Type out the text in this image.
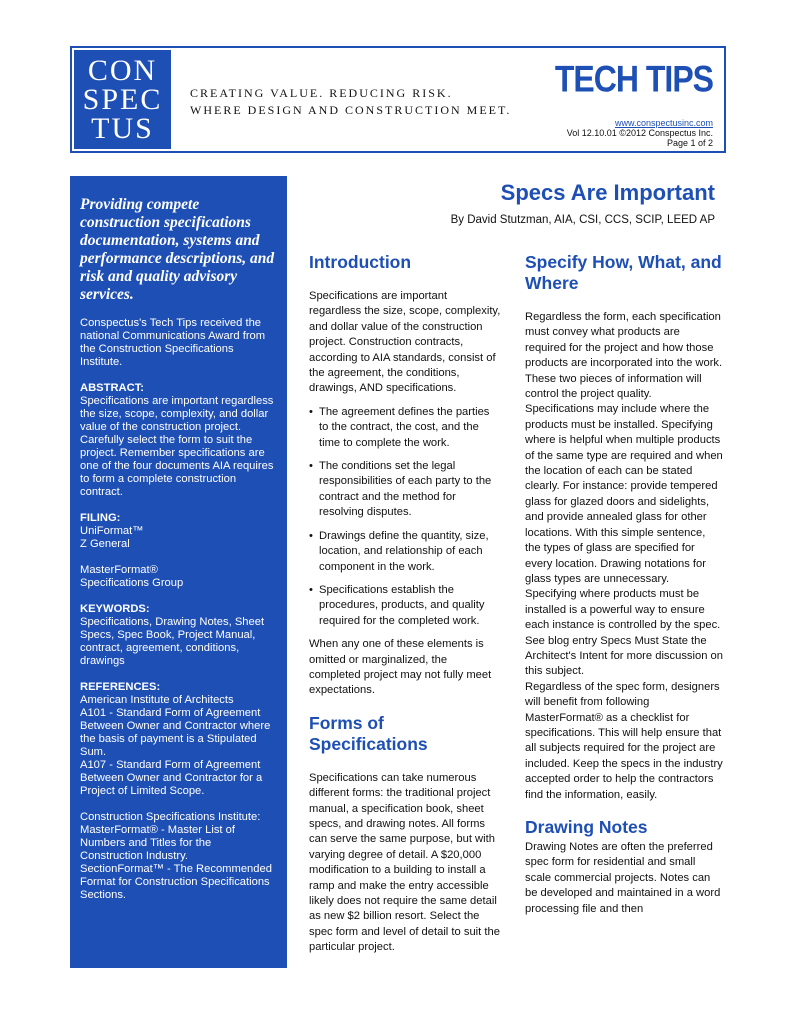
CON
SPEC
TUS
CREATING VALUE. REDUCING RISK.
WHERE DESIGN AND CONSTRUCTION MEET.
TECH TIPS
www.conspectusinc.com
Vol 12.10.01 ©2012 Conspectus Inc.
Page 1 of 2

Providing compete construction specifications documentation, systems and performance descriptions, and risk and quality advisory services.

Conspectus's Tech Tips received the national Communications Award from the Construction Specifications Institute.

ABSTRACT:

Specifications are important regardless the size, scope, complexity, and dollar value of the construction project. Carefully select the form to suit the project. Remember specifications are one of the four documents AIA requires to form a complete construction contract.

FILING:

UniFormat™

Z General

MasterFormat®

Specifications Group

KEYWORDS:

Specifications, Drawing Notes, Sheet Specs, Spec Book, Project Manual, contract, agreement, conditions, drawings

REFERENCES:

American Institute of Architects

A101 - Standard Form of Agreement Between Owner and Contractor where the basis of payment is a Stipulated Sum.

A107 - Standard Form of Agreement Between Owner and Contractor for a Project of Limited Scope.

Construction Specifications Institute:

MasterFormat® - Master List of Numbers and Titles for the Construction Industry.

SectionFormat™ - The Recommended Format for Construction Specifications Sections.

Specs Are Important
By David Stutzman, AIA, CSI, CCS, SCIP, LEED AP
Introduction

Specifications are important regardless the size, scope, complexity, and dollar value of the construction project. Construction contracts, according to AIA standards, consist of the agreement, the conditions, drawings, AND specifications.

• The agreement defines the parties to the contract, the cost, and the time to complete the work.
• The conditions set the legal responsibilities of each party to the contract and the method for resolving disputes.
• Drawings define the quantity, size, location, and relationship of each component in the work.
• Specifications establish the procedures, products, and quality required for the completed work.

When any one of these elements is omitted or marginalized, the completed project may not fully meet expectations.

Forms of Specifications

Specifications can take numerous different forms: the traditional project manual, a specification book, sheet specs, and drawing notes. All forms can serve the same purpose, but with varying degree of detail. A $20,000 modification to a building to install a ramp and make the entry accessible likely does not require the same detail as new $2 billion resort. Select the spec form and level of detail to suit the particular project.

Specify How, What, and Where

Regardless the form, each specification must convey what products are required for the project and how those products are incorporated into the work. These two pieces of information will control the project quality.

Specifications may include where the products must be installed. Specifying where is helpful when multiple products of the same type are required and when the location of each can be stated clearly. For instance: provide tempered glass for glazed doors and sidelights, and provide annealed glass for other locations. With this simple sentence, the types of glass are specified for every location. Drawing notations for glass types are unnecessary. Specifying where products must be installed is a powerful way to ensure each instance is controlled by the spec. See blog entry Specs Must State the Architect's Intent for more discussion on this subject.

Regardless of the spec form, designers will benefit from following MasterFormat® as a checklist for specifications. This will help ensure that all subjects required for the project are included. Keep the specs in the industry accepted order to help the contractors find the information, easily.

Drawing Notes

Drawing Notes are often the preferred spec form for residential and small scale commercial projects. Notes can be developed and maintained in a word processing file and then
